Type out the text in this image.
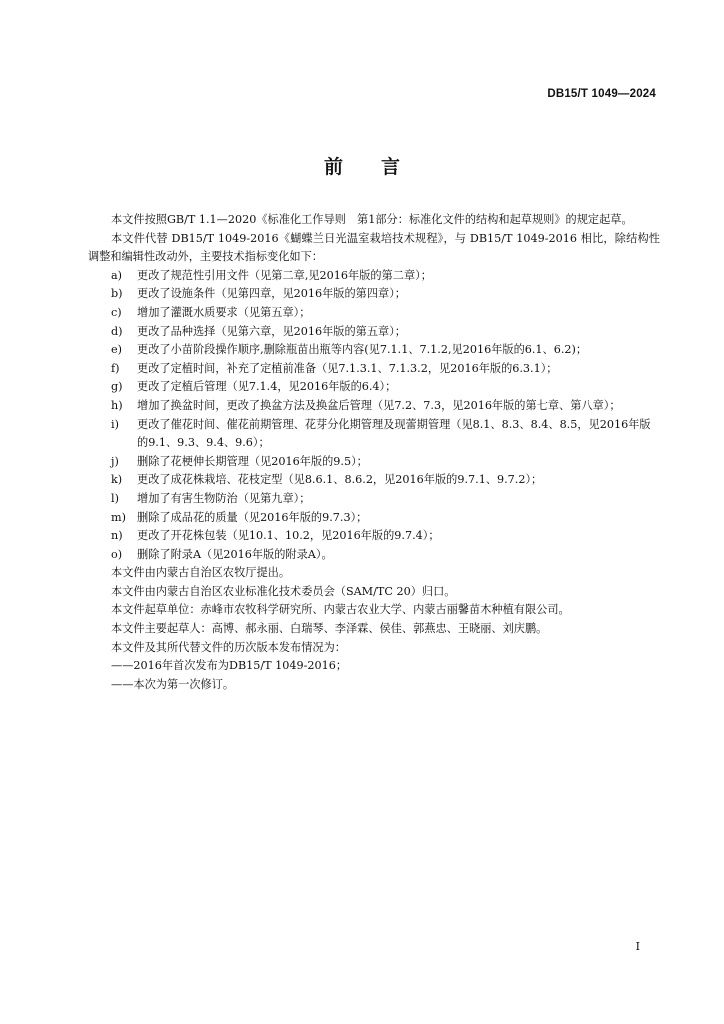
DB15/T 1049—2024
前言

本文件按照GB/T 1.1—2020《标准化工作导则　第1部分：标准化文件的结构和起草规则》的规定起草。

本文件代替 DB15/T 1049-2016《蝴蝶兰日光温室栽培技术规程》，与 DB15/T 1049-2016 相比，除结构性调整和编辑性改动外，主要技术指标变化如下：

a)	更改了规范性引用文件（见第二章,见2016年版的第二章）；
b)	更改了设施条件（见第四章，见2016年版的第四章）；
c)	增加了灌溉水质要求（见第五章）；
d)	更改了品种选择（见第六章，见2016年版的第五章）；
e)	更改了小苗阶段操作顺序,删除瓶苗出瓶等内容(见7.1.1、7.1.2,见2016年版的6.1、6.2)；
f)	更改了定植时间，补充了定植前准备（见7.1.3.1、7.1.3.2，见2016年版的6.3.1）；
g)	更改了定植后管理（见7.1.4，见2016年版的6.4）；
h)	增加了换盆时间，更改了换盆方法及换盆后管理（见7.2、7.3，见2016年版的第七章、第八章）；
i)	更改了催花时间、催花前期管理、花芽分化期管理及现蕾期管理（见8.1、8.3、8.4、8.5，见2016年版的9.1、9.3、9.4、9.6）；
j)	删除了花梗伸长期管理（见2016年版的9.5）；
k)	更改了成花株栽培、花枝定型（见8.6.1、8.6.2，见2016年版的9.7.1、9.7.2）；
l)	增加了有害生物防治（见第九章）；
m) 删除了成品花的质量（见2016年版的9.7.3）；
n)	更改了开花株包装（见10.1、10.2，见2016年版的9.7.4）；
o)	删除了附录A（见2016年版的附录A）。

本文件由内蒙古自治区农牧厅提出。

本文件由内蒙古自治区农业标准化技术委员会（SAM/TC 20）归口。

本文件起草单位：赤峰市农牧科学研究所、内蒙古农业大学、内蒙古丽馨苗木种植有限公司。

本文件主要起草人：高博、郝永丽、白瑞琴、李泽霖、侯佳、郭燕忠、王晓丽、刘庆鹏。

本文件及其所代替文件的历次版本发布情况为：

——2016年首次发布为DB15/T 1049-2016；

——本次为第一次修订。

I
